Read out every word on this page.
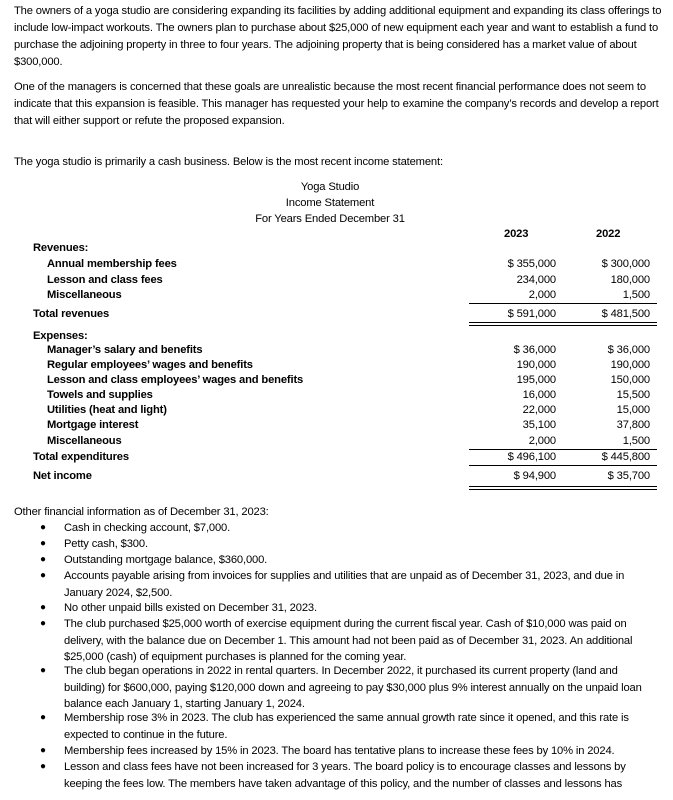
The owners of a yoga studio are considering expanding its facilities by adding additional equipment and expanding its class offerings to include low-impact workouts. The owners plan to purchase about $25,000 of new equipment each year and want to establish a fund to purchase the adjoining property in three to four years. The adjoining property that is being considered has a market value of about $300,000.

One of the managers is concerned that these goals are unrealistic because the most recent financial performance does not seem to indicate that this expansion is feasible. This manager has requested your help to examine the company’s records and develop a report that will either support or refute the proposed expansion.

The yoga studio is primarily a cash business. Below is the most recent income statement:

Yoga Studio
Income Statement
For Years Ended December 31
2023	2022
Revenues:
Annual membership fees	$ 355,000	$ 300,000
Lesson and class fees	234,000	180,000
Miscellaneous	2,000	1,500
Total revenues	$ 591,000	$ 481,500
Expenses:
Manager’s salary and benefits	$ 36,000	$ 36,000
Regular employees’ wages and benefits	190,000	190,000
Lesson and class employees’ wages and benefits	195,000	150,000
Towels and supplies	16,000	15,500
Utilities (heat and light)	22,000	15,000
Mortgage interest	35,100	37,800
Miscellaneous	2,000	1,500
Total expenditures	$ 496,100	$ 445,800
Net income	$ 94,900	$ 35,700
Other financial information as of December 31, 2023:
● Cash in checking account, $7,000.
● Petty cash, $300.
● Outstanding mortgage balance, $360,000.
● Accounts payable arising from invoices for supplies and utilities that are unpaid as of December 31, 2023, and due in January 2024, $2,500.
● No other unpaid bills existed on December 31, 2023.
● The club purchased $25,000 worth of exercise equipment during the current fiscal year. Cash of $10,000 was paid on delivery, with the balance due on December 1. This amount had not been paid as of December 31, 2023. An additional $25,000 (cash) of equipment purchases is planned for the coming year.
● The club began operations in 2022 in rental quarters. In December 2022, it purchased its current property (land and building) for $600,000, paying $120,000 down and agreeing to pay $30,000 plus 9% interest annually on the unpaid loan balance each January 1, starting January 1, 2024.
● Membership rose 3% in 2023. The club has experienced the same annual growth rate since it opened, and this rate is expected to continue in the future.
● Membership fees increased by 15% in 2023. The board has tentative plans to increase these fees by 10% in 2024.
● Lesson and class fees have not been increased for 3 years. The board policy is to encourage classes and lessons by keeping the fees low. The members have taken advantage of this policy, and the number of classes and lessons has
